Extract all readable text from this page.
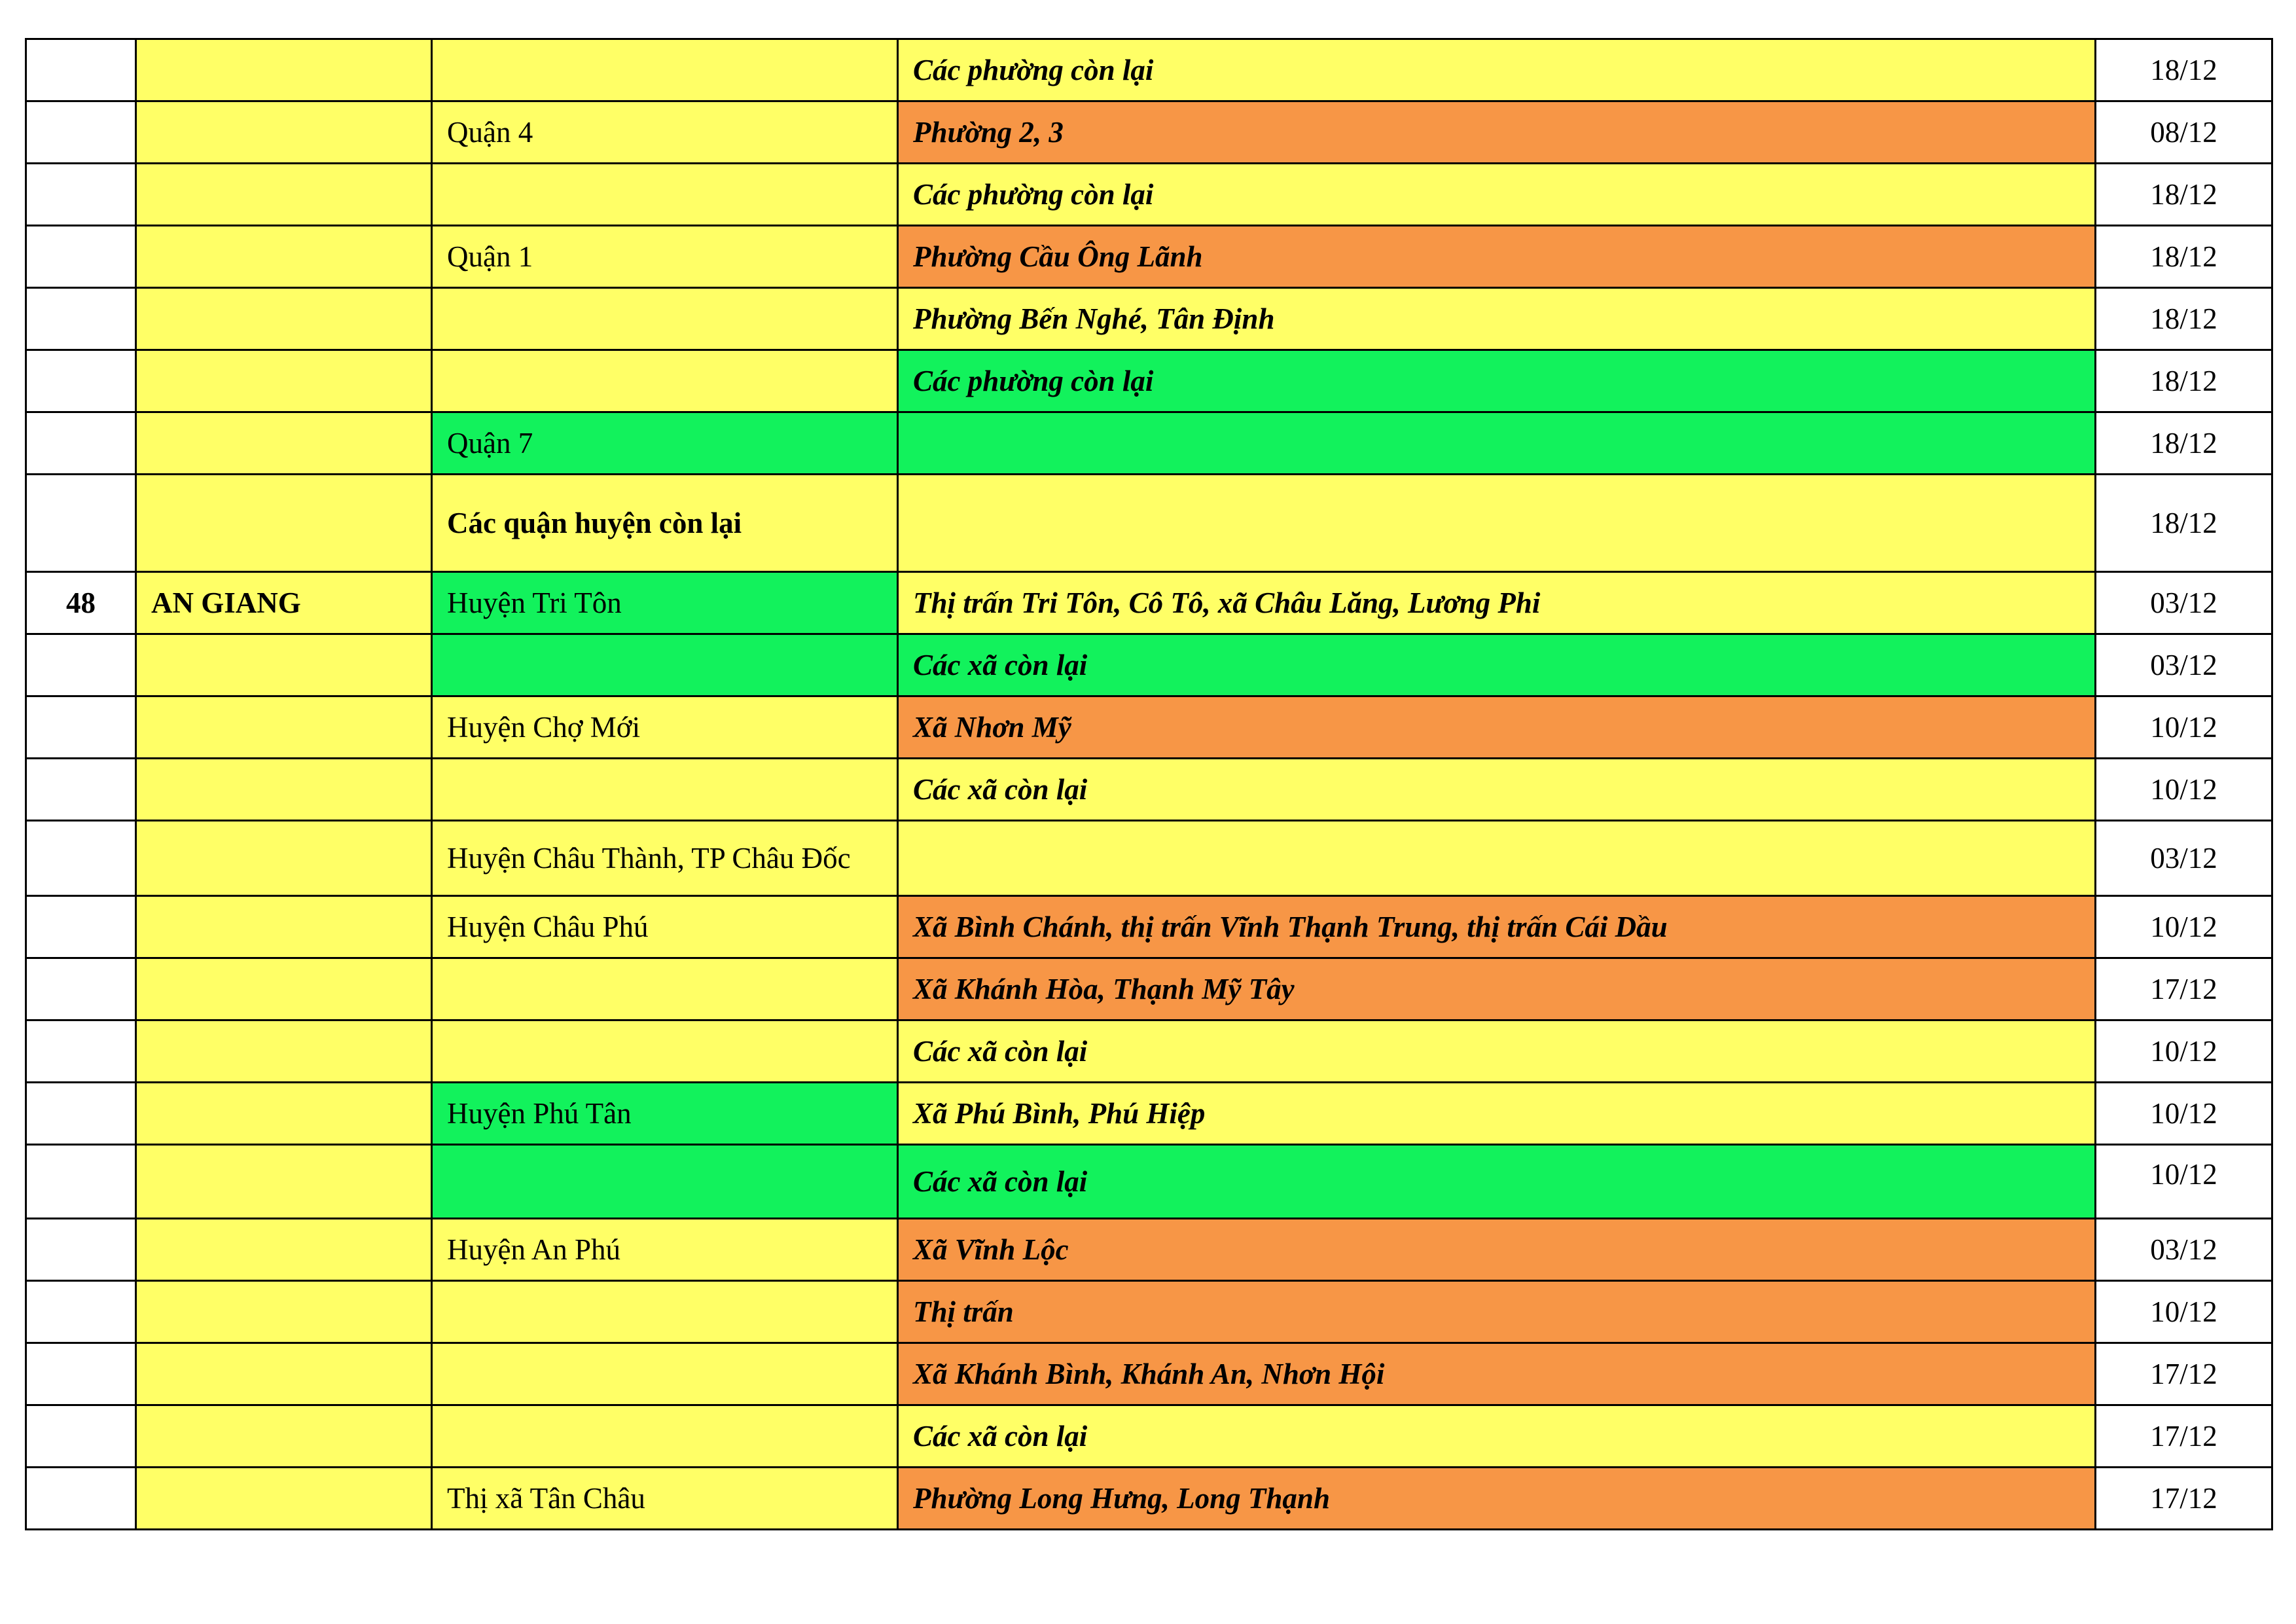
			Các phường còn lại	18/12
		Quận 4	Phường 2, 3	08/12
			Các phường còn lại	18/12
		Quận 1	Phường Cầu Ông Lãnh	18/12
			Phường Bến Nghé, Tân Định	18/12
			Các phường còn lại	18/12
		Quận 7		18/12
		Các quận huyện còn lại		18/12
48	AN GIANG	Huyện Tri Tôn	Thị trấn Tri Tôn, Cô Tô, xã Châu Lăng, Lương Phi	03/12
			Các xã còn lại	03/12
		Huyện Chợ Mới	Xã Nhơn Mỹ	10/12
			Các xã còn lại	10/12
		Huyện Châu Thành, TP Châu Đốc		03/12
		Huyện Châu Phú	Xã Bình Chánh, thị trấn Vĩnh Thạnh Trung, thị trấn Cái Dầu	10/12
			Xã Khánh Hòa, Thạnh Mỹ Tây	17/12
			Các xã còn lại	10/12
		Huyện Phú Tân	Xã Phú Bình, Phú Hiệp	10/12
			Các xã còn lại	10/12
		Huyện An Phú	Xã Vĩnh Lộc	03/12
			Thị trấn	10/12
			Xã Khánh Bình, Khánh An, Nhơn Hội	17/12
			Các xã còn lại	17/12
		Thị xã Tân Châu	Phường Long Hưng, Long Thạnh	17/12
